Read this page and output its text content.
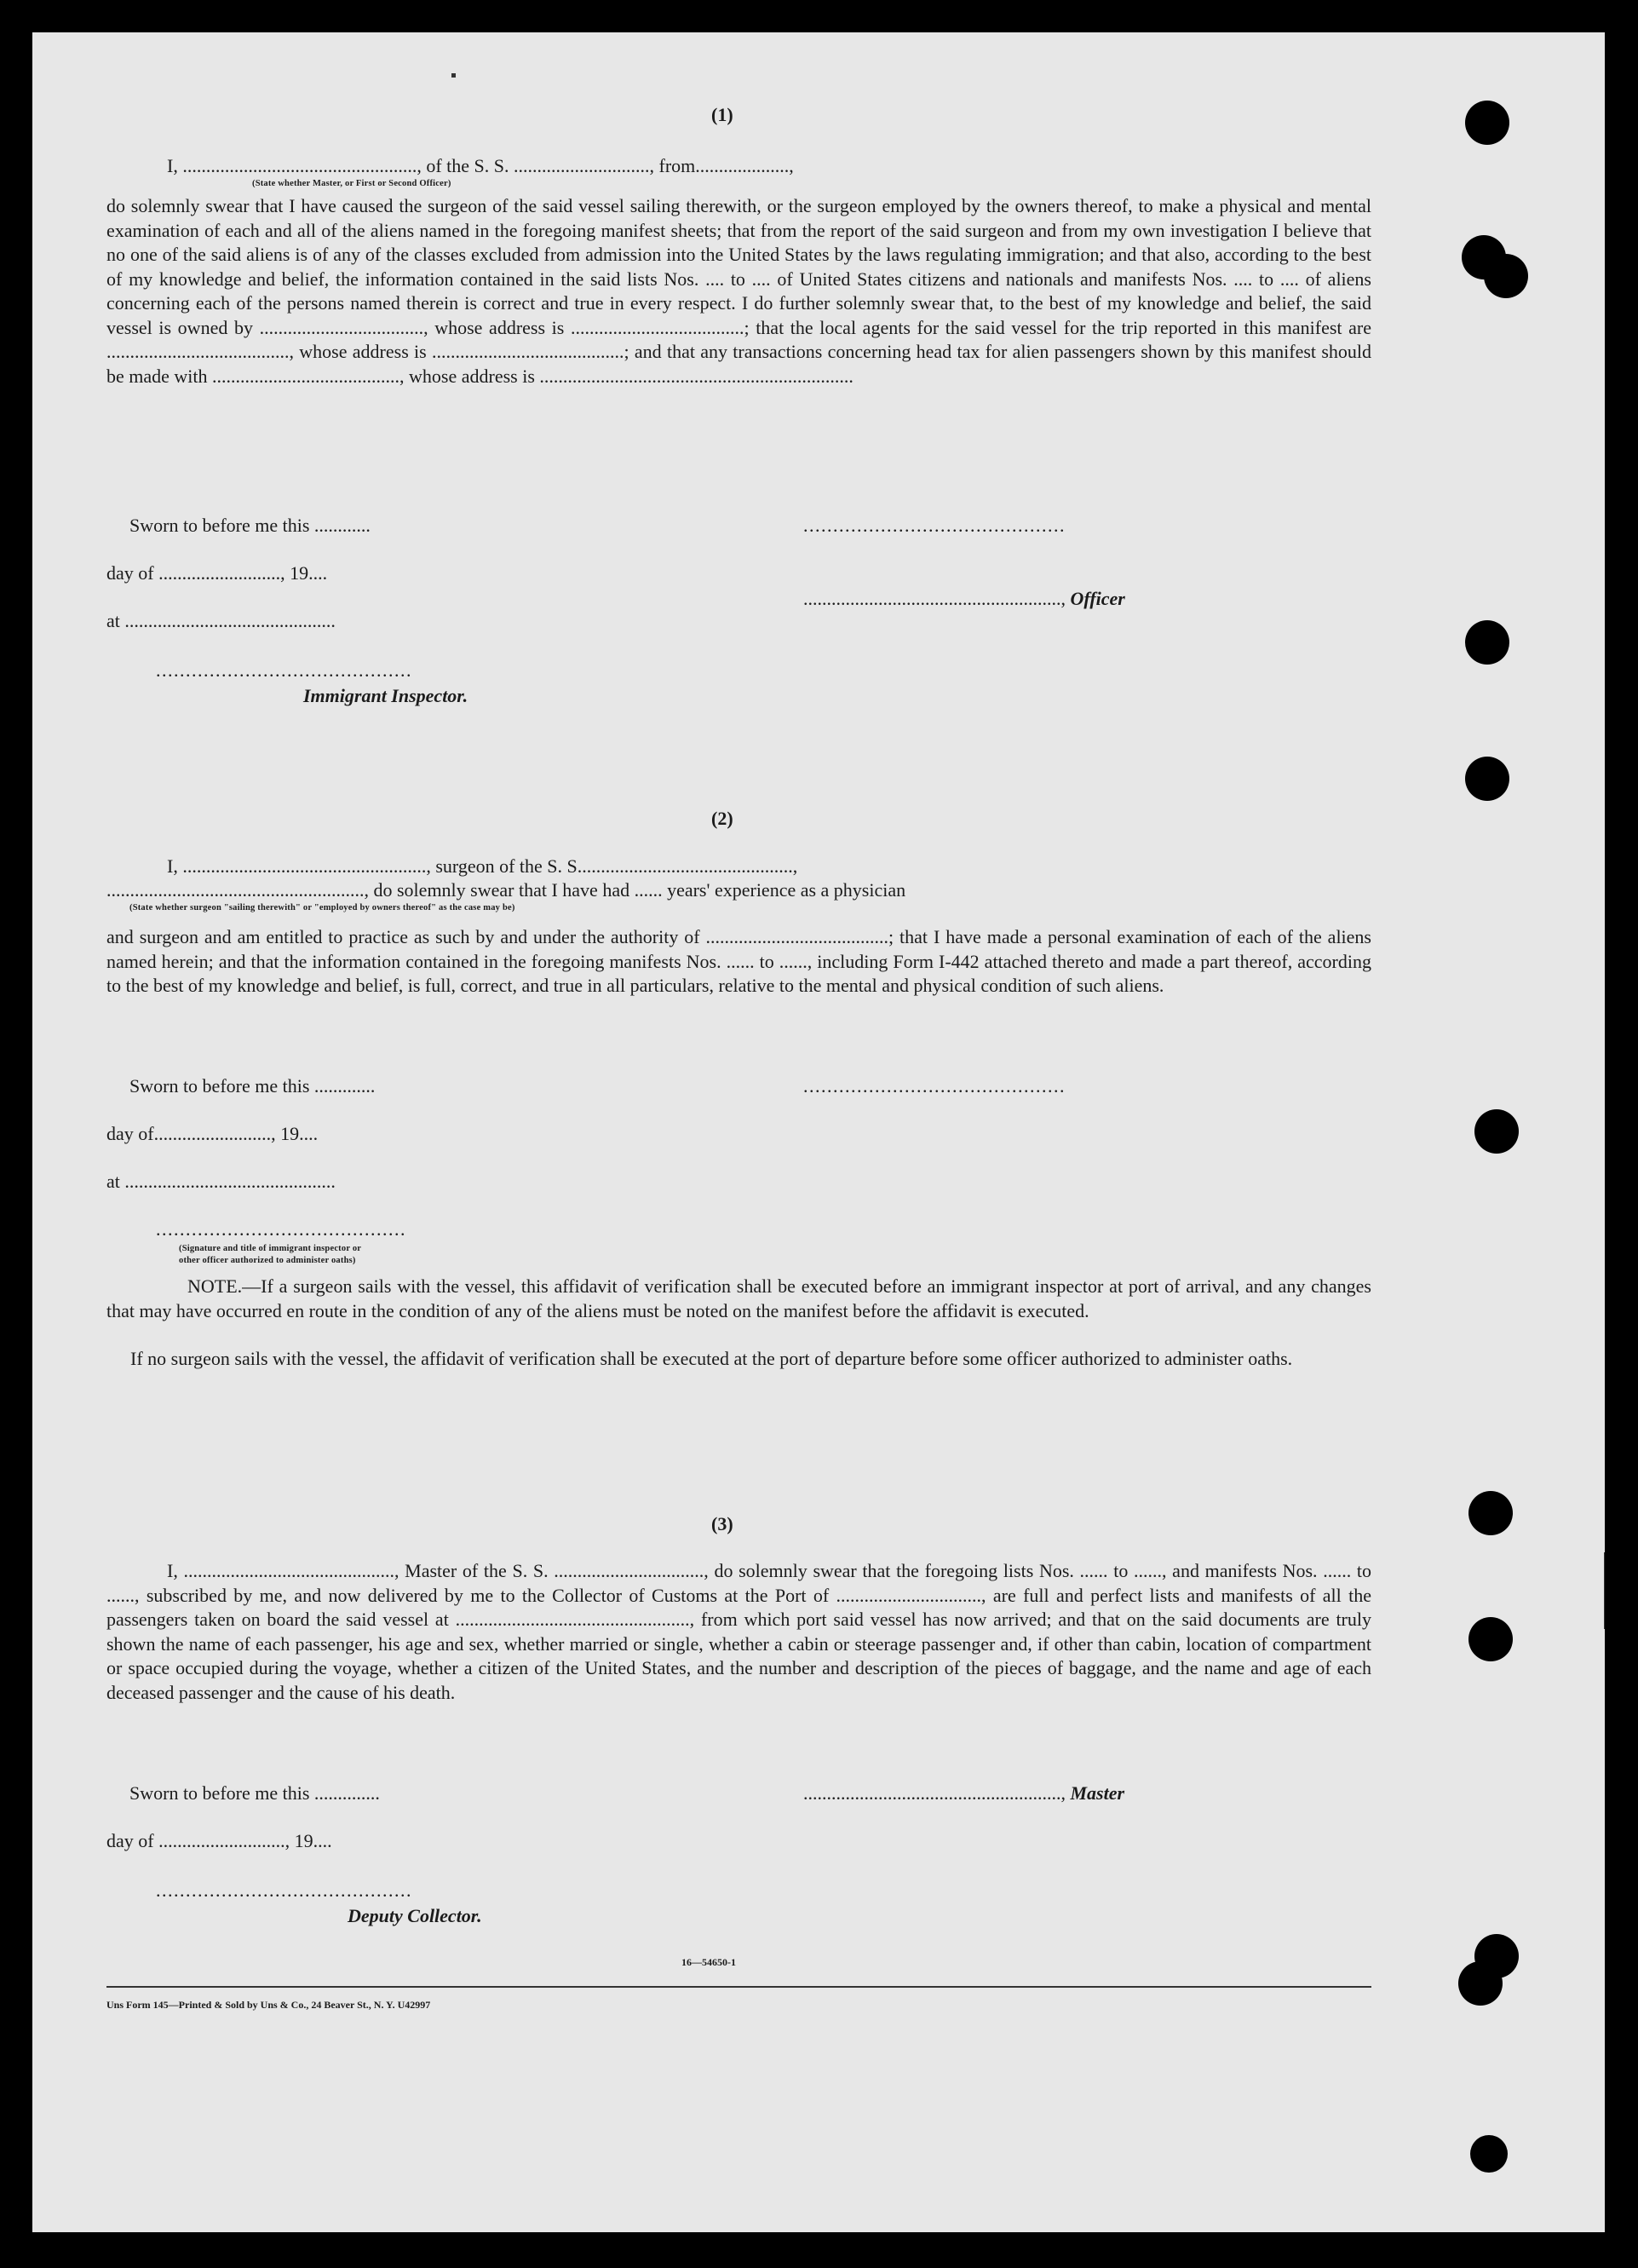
(1)
I, .................................................., of the S. S. ............................., from....................,
(State whether Master, or First or Second Officer)

do solemnly swear that I have caused the surgeon of the said vessel sailing therewith, or the surgeon employed by the owners thereof, to make a physical and mental examination of each and all of the aliens named in the foregoing manifest sheets; that from the report of the said surgeon and from my own investigation I believe that no one of the said aliens is of any of the classes excluded from admission into the United States by the laws regulating immigration; and that also, according to the best of my knowledge and belief, the information contained in the said lists Nos. .... to .... of United States citizens and nationals and manifests Nos. .... to .... of aliens concerning each of the persons named therein is correct and true in every respect. I do further solemnly swear that, to the best of my knowledge and belief, the said vessel is owned by ..................................., whose address is .....................................; that the local agents for the said vessel for the trip reported in this manifest are ......................................., whose address is .........................................; and that any transactions concerning head tax for alien passengers shown by this manifest should be made with ........................................, whose address is ...................................................................

Sworn to before me this ............	............................................
day of .........................., 19....
......................................................., Officer
at .............................................
...........................................
Immigrant Inspector.
(2)
I, ...................................................., surgeon of the S. S..............................................,
......................................................., do solemnly swear that I have had ...... years' experience as a physician
(State whether surgeon "sailing therewith" or "employed by owners thereof" as the case may be)

and surgeon and am entitled to practice as such by and under the authority of .......................................; that I have made a personal examination of each of the aliens named herein; and that the information contained in the foregoing manifests Nos. ...... to ......, including Form I-442 attached thereto and made a part thereof, according to the best of my knowledge and belief, is full, correct, and true in all particulars, relative to the mental and physical condition of such aliens.

Sworn to before me this .............	............................................
day of........................., 19....
at .............................................
..........................................
(Signature and title of immigrant inspector or
other officer authorized to administer oaths)

NOTE.—If a surgeon sails with the vessel, this affidavit of verification shall be executed before an immigrant inspector at port of arrival, and any changes that may have occurred en route in the condition of any of the aliens must be noted on the manifest before the affidavit is executed.

If no surgeon sails with the vessel, the affidavit of verification shall be executed at the port of departure before some officer authorized to administer oaths.

(3)

I, ............................................., Master of the S. S. ................................, do solemnly swear that the foregoing lists Nos. ...... to ......, and manifests Nos. ...... to ......, subscribed by me, and now delivered by me to the Collector of Customs at the Port of ..............................., are full and perfect lists and manifests of all the passengers taken on board the said vessel at .................................................., from which port said vessel has now arrived; and that on the said documents are truly shown the name of each passenger, his age and sex, whether married or single, whether a cabin or steerage passenger and, if other than cabin, location of compartment or space occupied during the voyage, whether a citizen of the United States, and the number and description of the pieces of baggage, and the name and age of each deceased passenger and the cause of his death.

Sworn to before me this ..............	......................................................., Master
day of ..........................., 19....
...........................................
Deputy Collector.
16—54650-1
Uns Form 145—Printed & Sold by Uns & Co., 24 Beaver St., N. Y. U42997
